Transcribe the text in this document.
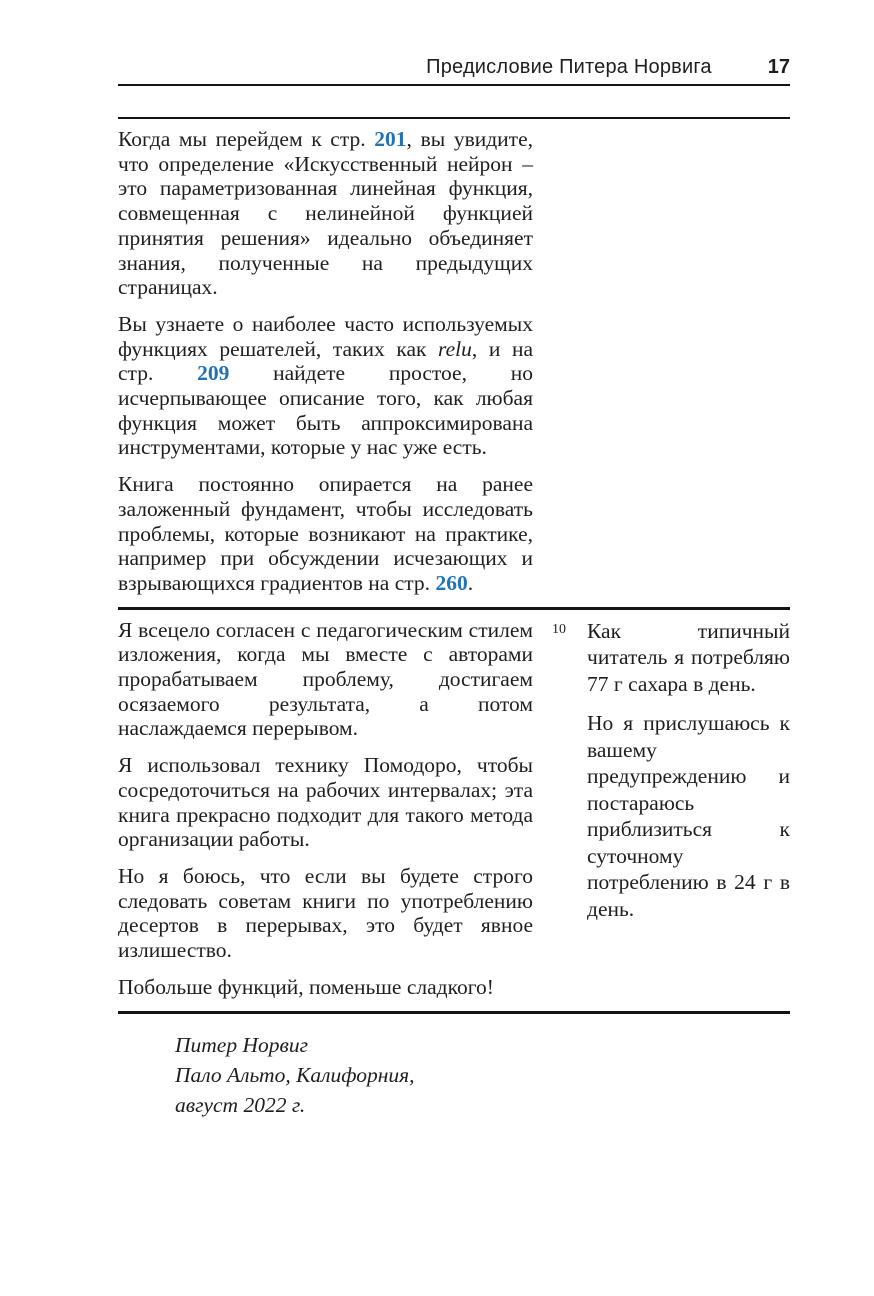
Предисловие Питера Норвига	17

Когда мы перейдем к стр. 201, вы увидите, что определение «Искусственный нейрон – это параметризованная линейная функция, совмещенная с нелинейной функцией принятия решения» идеально объединяет знания, полученные на предыдущих страницах.

Вы узнаете о наиболее часто используемых функциях решателей, таких как relu, и на стр. 209 найдете простое, но исчерпывающее описание того, как любая функция может быть аппроксимирована инструментами, которые у нас уже есть.

Книга постоянно опирается на ранее заложенный фундамент, чтобы исследовать проблемы, которые возникают на практике, например при обсуждении исчезающих и взрывающихся градиентов на стр. 260.

Я всецело согласен с педагогическим стилем изложения, когда мы вместе с авторами прорабатываем проблему, достигаем осязаемого результата, а потом наслаждаемся перерывом.

Я использовал технику Помодоро, чтобы сосредоточиться на рабочих интервалах; эта книга прекрасно подходит для такого метода организации работы.

Но я боюсь, что если вы будете строго следовать советам книги по употреблению десертов в перерывах, это будет явное излишество.

Побольше функций, поменьше сладкого!

10 Как типичный читатель я потребляю 77 г сахара в день.

Но я прислушаюсь к вашему предупреждению и постараюсь приблизиться к суточному потреблению в 24 г в день.

Питер Норвиг
Пало Альто, Калифорния,
август 2022 г.
